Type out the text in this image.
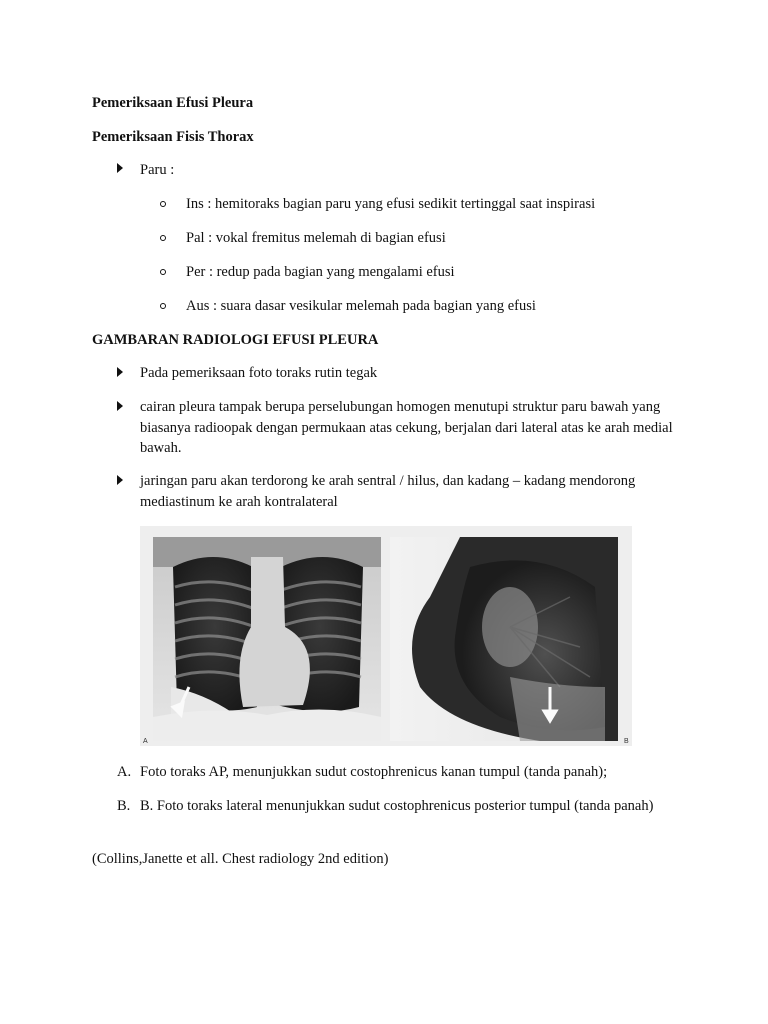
Pemeriksaan Efusi Pleura

Pemeriksaan Fisis Thorax

Paru :

Ins : hemitoraks bagian paru yang efusi sedikit tertinggal saat inspirasi

Pal : vokal fremitus melemah di bagian efusi

Per : redup pada bagian yang mengalami efusi

Aus : suara dasar vesikular melemah pada bagian yang efusi

GAMBARAN RADIOLOGI EFUSI PLEURA

Pada pemeriksaan foto toraks rutin tegak

cairan pleura tampak berupa perselubungan homogen menutupi struktur paru bawah yang biasanya radioopak dengan permukaan atas cekung, berjalan dari lateral atas ke arah medial bawah.

jaringan paru akan terdorong ke arah sentral / hilus, dan kadang – kadang mendorong mediastinum ke arah kontralateral

A	B
A. Foto toraks AP, menunjukkan sudut costophrenicus kanan tumpul (tanda panah);

B. B. Foto toraks lateral menunjukkan sudut costophrenicus posterior tumpul (tanda panah)

(Collins,Janette et all. Chest radiology 2nd edition)
